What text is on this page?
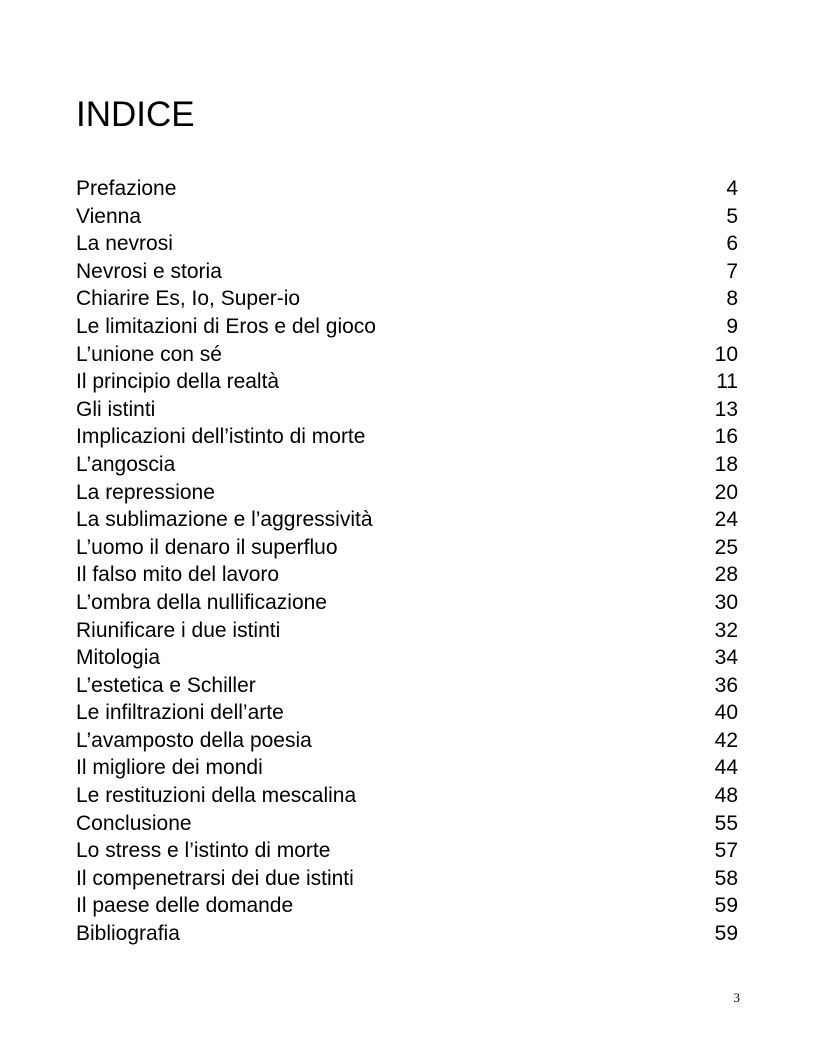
INDICE
Prefazione	4
Vienna	5
La nevrosi	6
Nevrosi e storia	7
Chiarire Es, Io, Super-io	8
Le limitazioni di Eros e del gioco	9
L’unione con sé	10
Il principio della realtà	11
Gli istinti	13
Implicazioni dell’istinto di morte	16
L’angoscia	18
La repressione	20
La sublimazione e l’aggressività	24
L’uomo il denaro il superfluo	25
Il falso mito del lavoro	28
L’ombra della nullificazione	30
Riunificare i due istinti	32
Mitologia	34
L’estetica e Schiller	36
Le infiltrazioni dell’arte	40
L’avamposto della poesia	42
Il migliore dei mondi	44
Le restituzioni della mescalina	48
Conclusione	55
Lo stress e l’istinto di morte	57
Il compenetrarsi dei due istinti	58
Il paese delle domande	59
Bibliografia	59
3
